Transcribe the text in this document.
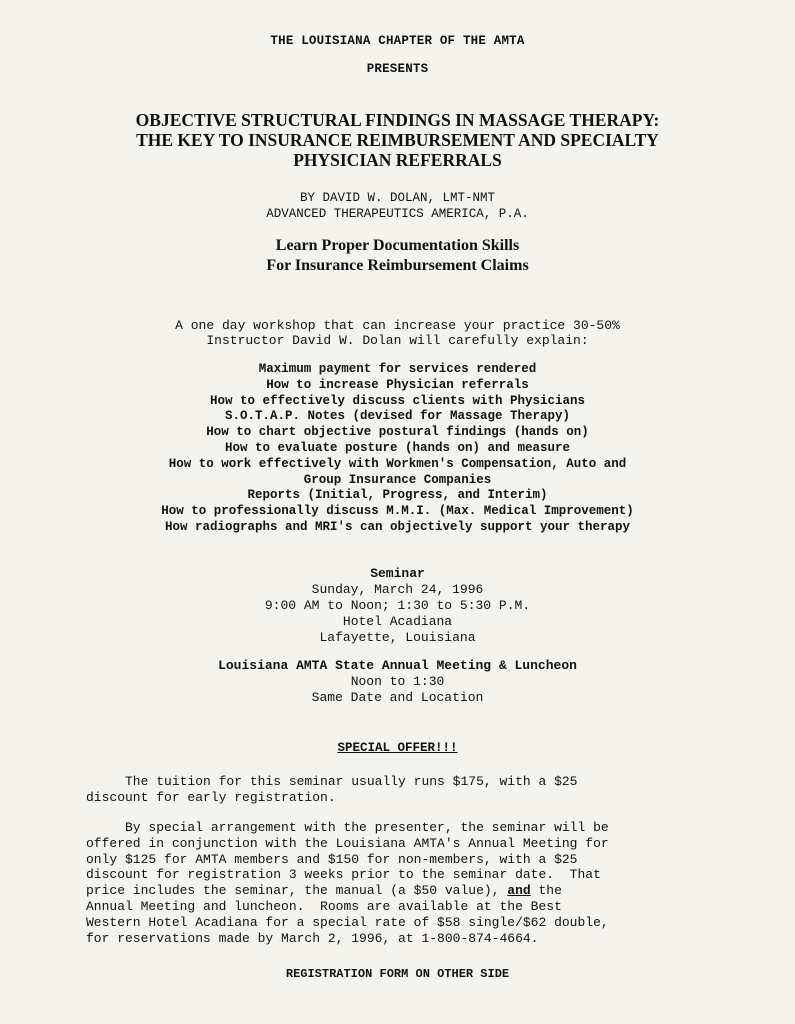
THE LOUISIANA CHAPTER OF THE AMTA
PRESENTS
OBJECTIVE STRUCTURAL FINDINGS IN MASSAGE THERAPY:
THE KEY TO INSURANCE REIMBURSEMENT AND SPECIALTY
PHYSICIAN REFERRALS
BY DAVID W. DOLAN, LMT-NMT
ADVANCED THERAPEUTICS AMERICA, P.A.
Learn Proper Documentation Skills
For Insurance Reimbursement Claims
A one day workshop that can increase your practice 30-50%
Instructor David W. Dolan will carefully explain:
Maximum payment for services rendered
How to increase Physician referrals
How to effectively discuss clients with Physicians
S.O.T.A.P. Notes (devised for Massage Therapy)
How to chart objective postural findings (hands on)
How to evaluate posture (hands on) and measure
How to work effectively with Workmen's Compensation, Auto and
Group Insurance Companies
Reports (Initial, Progress, and Interim)
How to professionally discuss M.M.I. (Max. Medical Improvement)
How radiographs and MRI's can objectively support your therapy
Seminar
Sunday, March 24, 1996
9:00 AM to Noon; 1:30 to 5:30 P.M.
Hotel Acadiana
Lafayette, Louisiana
Louisiana AMTA State Annual Meeting & Luncheon
Noon to 1:30
Same Date and Location
SPECIAL OFFER!!!
The tuition for this seminar usually runs $175, with a $25
discount for early registration.
By special arrangement with the presenter, the seminar will be
offered in conjunction with the Louisiana AMTA's Annual Meeting for
only $125 for AMTA members and $150 for non-members, with a $25
discount for registration 3 weeks prior to the seminar date.  That
price includes the seminar, the manual (a $50 value), and the
Annual Meeting and luncheon.  Rooms are available at the Best
Western Hotel Acadiana for a special rate of $58 single/$62 double,
for reservations made by March 2, 1996, at 1-800-874-4664.
REGISTRATION FORM ON OTHER SIDE
